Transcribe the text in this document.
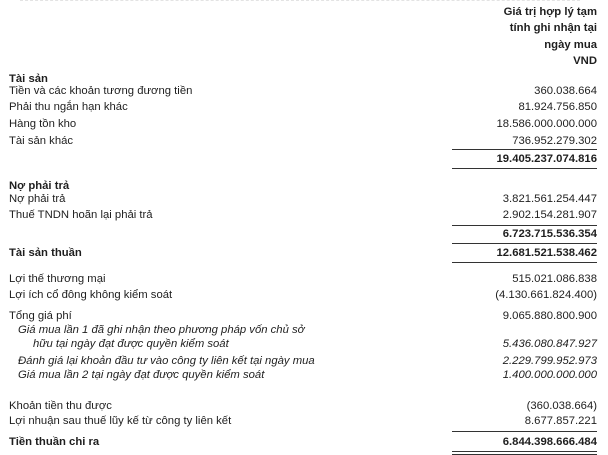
Giá trị hợp lý tạm
tính ghi nhận tại
ngày mua
VND
Tài sản
Tiền và các khoản tương đương tiền	360.038.664
Phải thu ngắn hạn khác	81.924.756.850
Hàng tồn kho	18.586.000.000.000
Tài sản khác	736.952.279.302
19.405.237.074.816
Nợ phải trả
Nợ phải trả	3.821.561.254.447
Thuế TNDN hoãn lại phải trả	2.902.154.281.907
6.723.715.536.354
Tài sản thuần	12.681.521.538.462
Lợi thế thương mại	515.021.086.838
Lợi ích cổ đông không kiểm soát	(4.130.661.824.400)
Tổng giá phí	9.065.880.800.900
Giá mua lần 1 đã ghi nhận theo phương pháp vốn chủ sở
hữu tại ngày đạt được quyền kiểm soát	5.436.080.847.927
Đánh giá lại khoản đầu tư vào công ty liên kết tại ngày mua	2.229.799.952.973
Giá mua lần 2 tại ngày đạt được quyền kiểm soát	1.400.000.000.000
Khoản tiền thu được	(360.038.664)
Lợi nhuận sau thuế lũy kế từ công ty liên kết	8.677.857.221
Tiền thuần chi ra	6.844.398.666.484
